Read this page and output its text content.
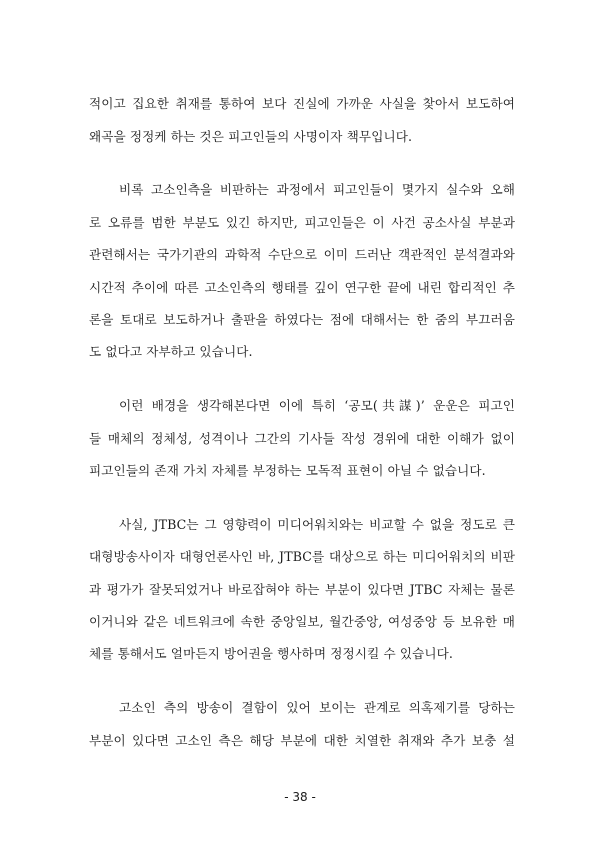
적이고 집요한 취재를 통하여 보다 진실에 가까운 사실을 찾아서 보도하여
왜곡을 정정케 하는 것은 피고인들의 사명이자 책무입니다.
비록 고소인측을 비판하는 과정에서 피고인들이 몇가지 실수와 오해
로 오류를 범한 부분도 있긴 하지만, 피고인들은 이 사건 공소사실 부분과
관련해서는 국가기관의 과학적 수단으로 이미 드러난 객관적인 분석결과와
시간적 추이에 따른 고소인측의 행태를 깊이 연구한 끝에 내린 합리적인 추
론을 토대로 보도하거나 출판을 하였다는 점에 대해서는 한 줌의 부끄러움
도 없다고 자부하고 있습니다.
이런 배경을 생각해본다면 이에 특히 ‘공모(共謀)’ 운운은 피고인
들 매체의 정체성, 성격이나 그간의 기사들 작성 경위에 대한 이해가 없이
피고인들의 존재 가치 자체를 부정하는 모독적 표현이 아닐 수 없습니다.
사실, JTBC는 그 영향력이 미디어워치와는 비교할 수 없을 정도로 큰
대형방송사이자 대형언론사인 바, JTBC를 대상으로 하는 미디어워치의 비판
과 평가가 잘못되었거나 바로잡혀야 하는 부분이 있다면 JTBC 자체는 물론
이거니와 같은 네트워크에 속한 중앙일보, 월간중앙, 여성중앙 등 보유한 매
체를 통해서도 얼마든지 방어권을 행사하며 정정시킬 수 있습니다.
고소인 측의 방송이 결함이 있어 보이는 관계로 의혹제기를 당하는
부분이 있다면 고소인 측은 해당 부분에 대한 치열한 취재와 추가 보충 설
- 38 -
